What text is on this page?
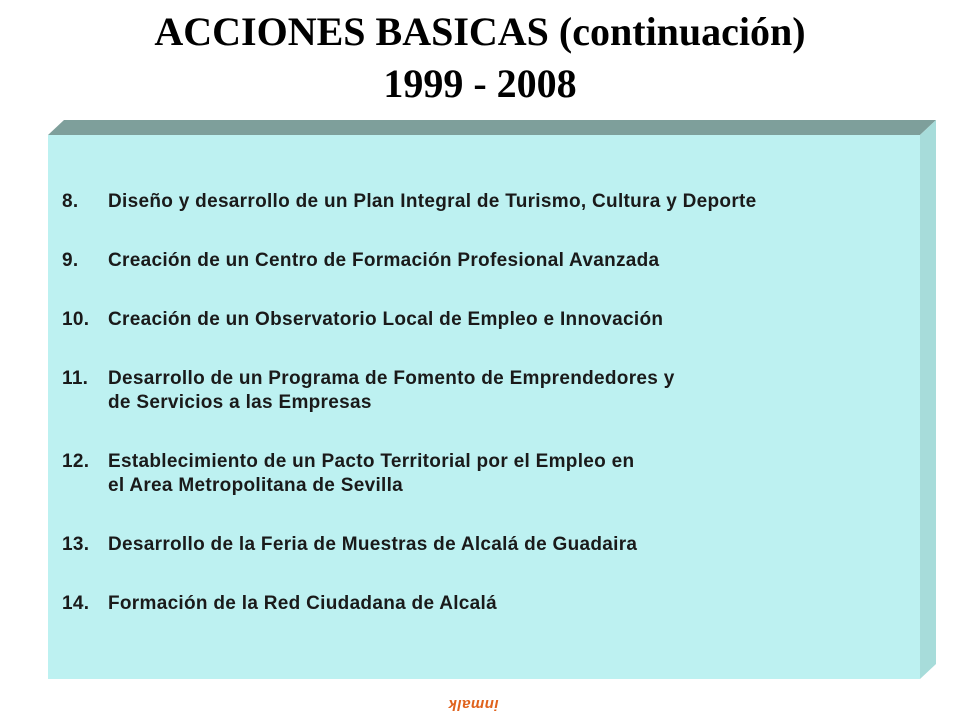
ACCIONES BASICAS (continuación)
1999 - 2008
8. Diseño y desarrollo de un Plan Integral de Turismo, Cultura y Deporte
9. Creación de un Centro de Formación Profesional Avanzada
10. Creación de un Observatorio Local de Empleo e Innovación
11. Desarrollo de un Programa de Fomento de Emprendedores y
de Servicios a las Empresas
12. Establecimiento de un Pacto Territorial por el Empleo en
el Area Metropolitana de Sevilla
13. Desarrollo de la Feria de Muestras de Alcalá de Guadaira
14. Formación de la Red Ciudadana de Alcalá
inmalk
